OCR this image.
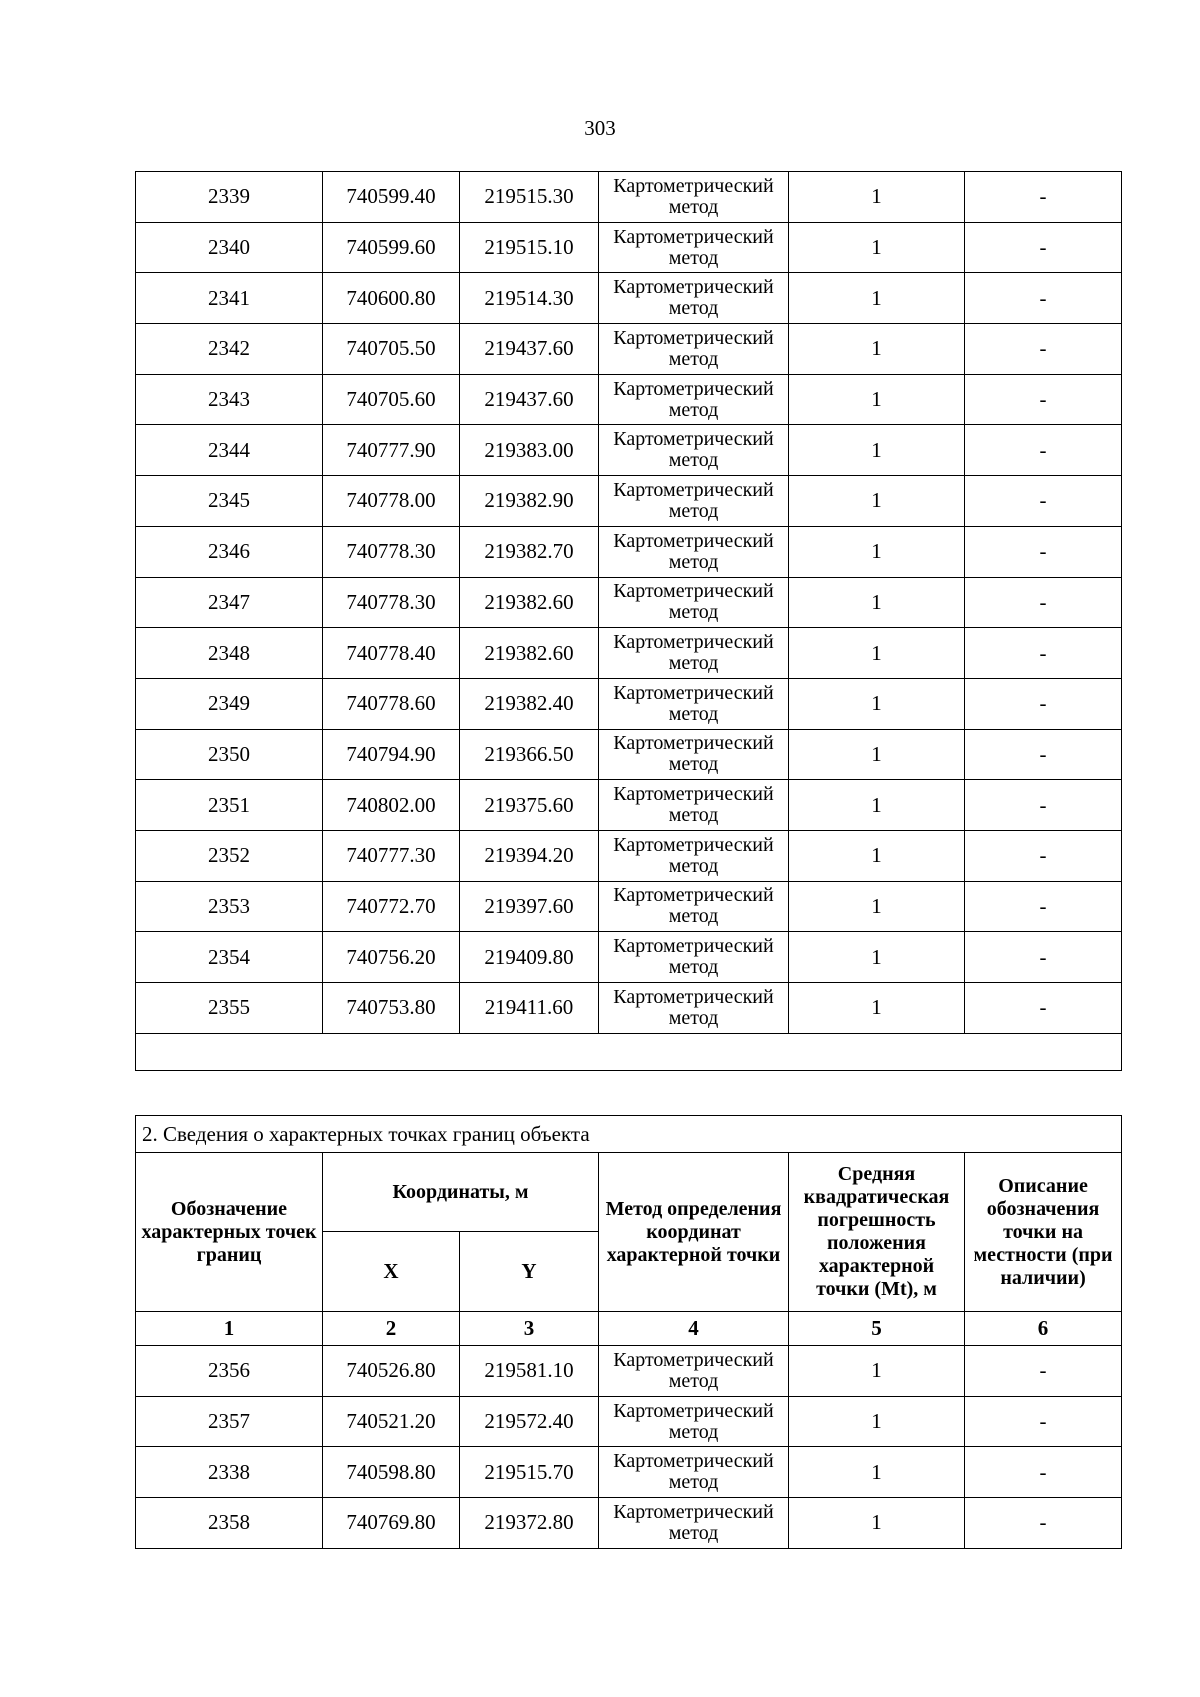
303
2339	740599.40	219515.30	Картометрический метод	1	-
2340	740599.60	219515.10	Картометрический метод	1	-
2341	740600.80	219514.30	Картометрический метод	1	-
2342	740705.50	219437.60	Картометрический метод	1	-
2343	740705.60	219437.60	Картометрический метод	1	-
2344	740777.90	219383.00	Картометрический метод	1	-
2345	740778.00	219382.90	Картометрический метод	1	-
2346	740778.30	219382.70	Картометрический метод	1	-
2347	740778.30	219382.60	Картометрический метод	1	-
2348	740778.40	219382.60	Картометрический метод	1	-
2349	740778.60	219382.40	Картометрический метод	1	-
2350	740794.90	219366.50	Картометрический метод	1	-
2351	740802.00	219375.60	Картометрический метод	1	-
2352	740777.30	219394.20	Картометрический метод	1	-
2353	740772.70	219397.60	Картометрический метод	1	-
2354	740756.20	219409.80	Картометрический метод	1	-
2355	740753.80	219411.60	Картометрический метод	1	-

2. Сведения о характерных точках границ объекта					
Обозначение характерных точек границ	Координаты, м		Метод определения координат характерной точки	Средняя квадратическая погрешность положения характерной точки (Mt), м	Описание обозначения точки на местности (при наличии)
	X	Y			
1	2	3	4	5	6
2356	740526.80	219581.10	Картометрический метод	1	-
2357	740521.20	219572.40	Картометрический метод	1	-
2338	740598.80	219515.70	Картометрический метод	1	-
2358	740769.80	219372.80	Картометрический метод	1	-
